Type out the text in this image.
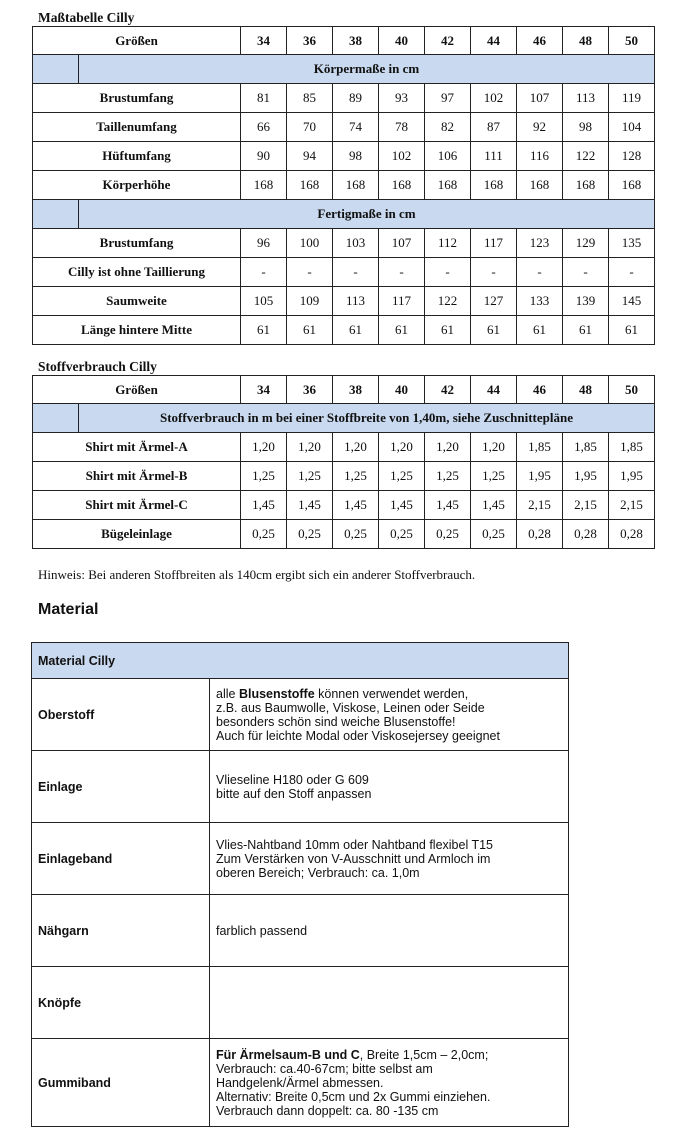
Maßtabelle Cilly
Größen		34	36	38	40	42	44	46	48	50
	Körpermaße in cm									
Brustumfang		81	85	89	93	97	102	107	113	119
Taillenumfang		66	70	74	78	82	87	92	98	104
Hüftumfang		90	94	98	102	106	111	116	122	128
Körperhöhe		168	168	168	168	168	168	168	168	168
	Fertigmaße in cm									
Brustumfang		96	100	103	107	112	117	123	129	135
Cilly ist ohne Taillierung		-	-	-	-	-	-	-	-	-
Saumweite		105	109	113	117	122	127	133	139	145
Länge hintere Mitte		61	61	61	61	61	61	61	61	61
Stoffverbrauch Cilly
Größen		34	36	38	40	42	44	46	48	50
	Stoffverbrauch in m bei einer Stoffbreite von 1,40m, siehe Zuschnittepläne									
Shirt mit Ärmel-A		1,20	1,20	1,20	1,20	1,20	1,20	1,85	1,85	1,85
Shirt mit Ärmel-B		1,25	1,25	1,25	1,25	1,25	1,25	1,95	1,95	1,95
Shirt mit Ärmel-C		1,45	1,45	1,45	1,45	1,45	1,45	2,15	2,15	2,15
Bügeleinlage		0,25	0,25	0,25	0,25	0,25	0,25	0,28	0,28	0,28
Hinweis: Bei anderen Stoffbreiten als 140cm ergibt sich ein anderer Stoffverbrauch.
Material
Material Cilly	
Oberstoff	alle Blusenstoffe können verwendet werden,
z.B. aus Baumwolle, Viskose, Leinen oder Seide
besonders schön sind weiche Blusenstoffe!
Auch für leichte Modal oder Viskosejersey geeignet

Einlage	Vlieseline H180 oder G 609
bitte auf den Stoff anpassen

Einlageband	Vlies-Nahtband 10mm oder Nahtband flexibel T15
Zum Verstärken von V-Ausschnitt und Armloch im
oberen Bereich; Verbrauch: ca. 1,0m

Nähgarn	farblich passend

Knöpfe	
Gummiband	Für Ärmelsaum-B und C, Breite 1,5cm – 2,0cm;
Verbrauch: ca.40-67cm; bitte selbst am
Handgelenk/Ärmel abmessen.
Alternativ: Breite 0,5cm und 2x Gummi einziehen.
Verbrauch dann doppelt: ca. 80 -135 cm
